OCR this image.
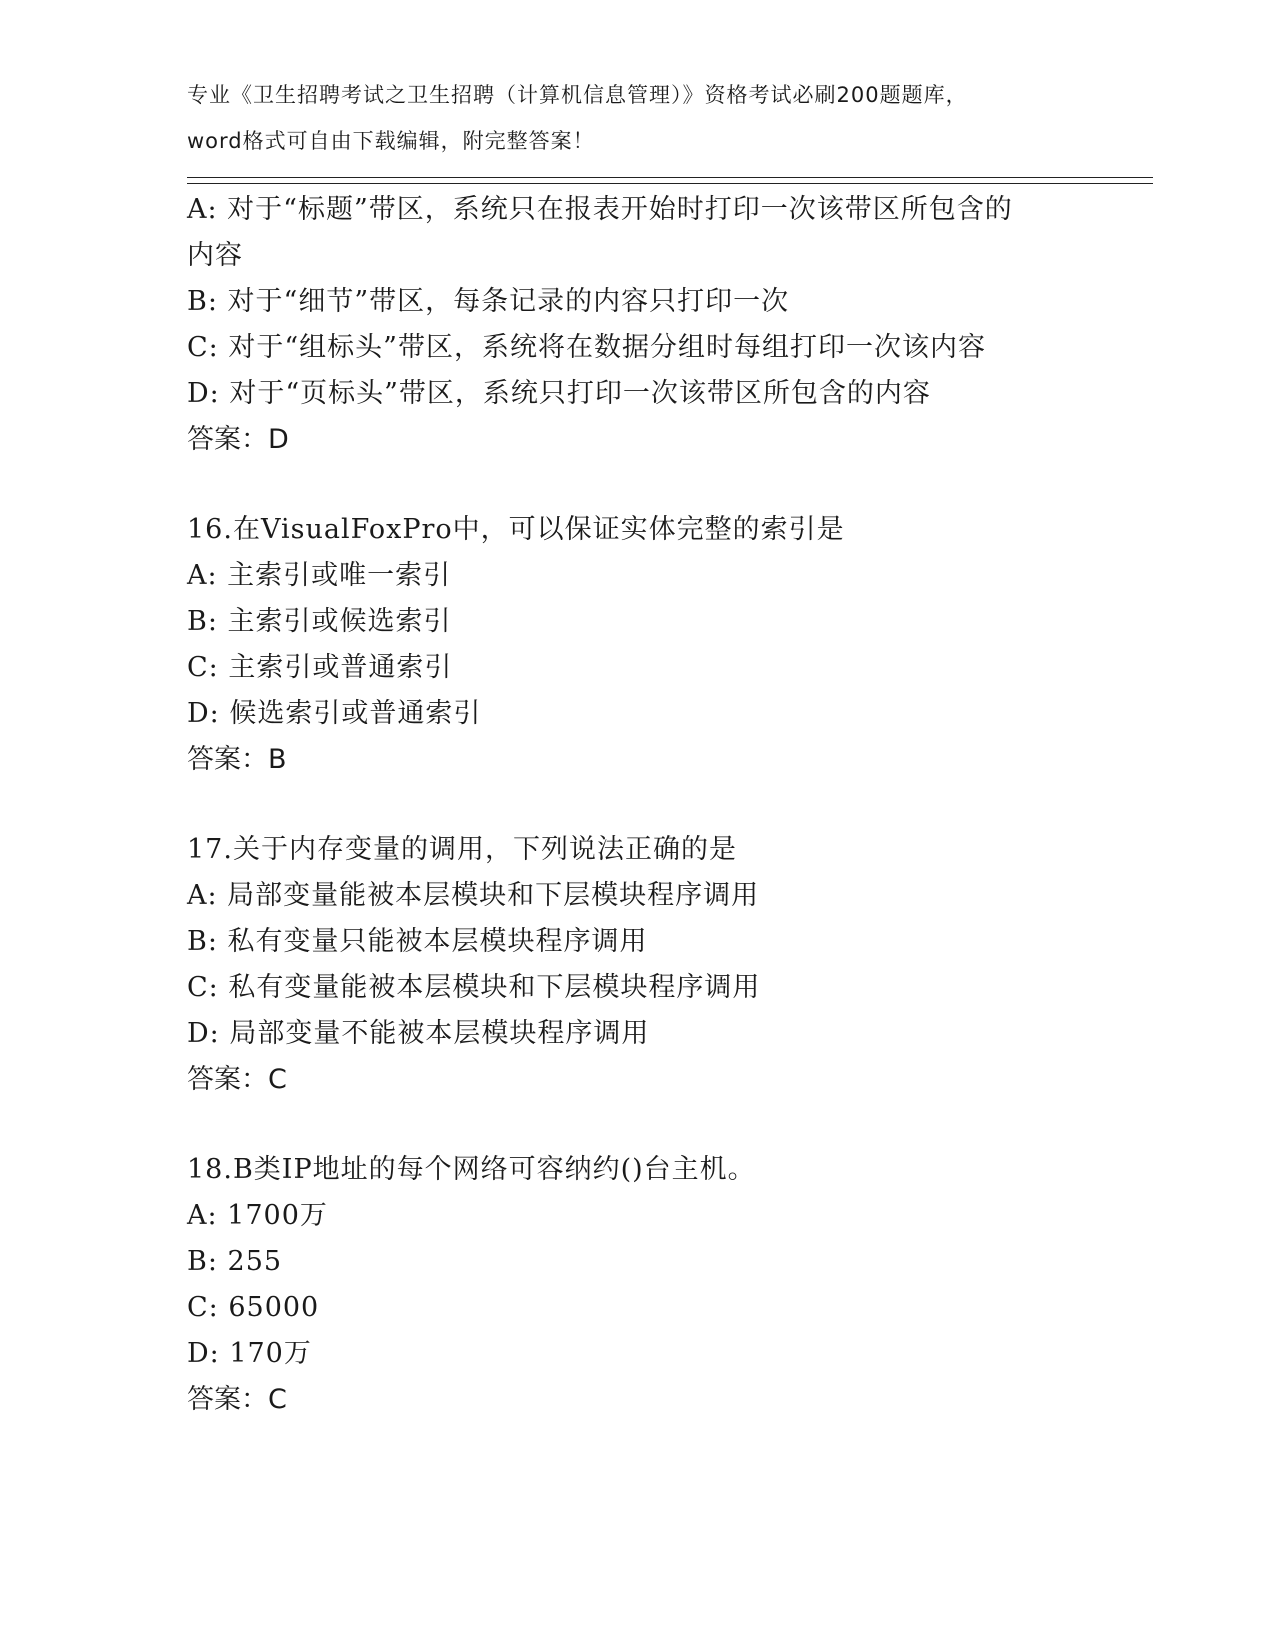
专业《卫生招聘考试之卫生招聘（计算机信息管理）》资格考试必刷200题题库，
word格式可自由下载编辑，附完整答案！
A: 对于“标题”带区，系统只在报表开始时打印一次该带区所包含的
内容
B: 对于“细节”带区，每条记录的内容只打印一次
C: 对于“组标头”带区，系统将在数据分组时每组打印一次该内容
D: 对于“页标头”带区，系统只打印一次该带区所包含的内容
答案：D
16.在VisualFoxPro中，可以保证实体完整的索引是
A: 主索引或唯一索引
B: 主索引或候选索引
C: 主索引或普通索引
D: 候选索引或普通索引
答案：B
17.关于内存变量的调用，下列说法正确的是
A: 局部变量能被本层模块和下层模块程序调用
B: 私有变量只能被本层模块程序调用
C: 私有变量能被本层模块和下层模块程序调用
D: 局部变量不能被本层模块程序调用
答案：C
18.B类IP地址的每个网络可容纳约()台主机。
A: 1700万
B: 255
C: 65000
D: 170万
答案：C
